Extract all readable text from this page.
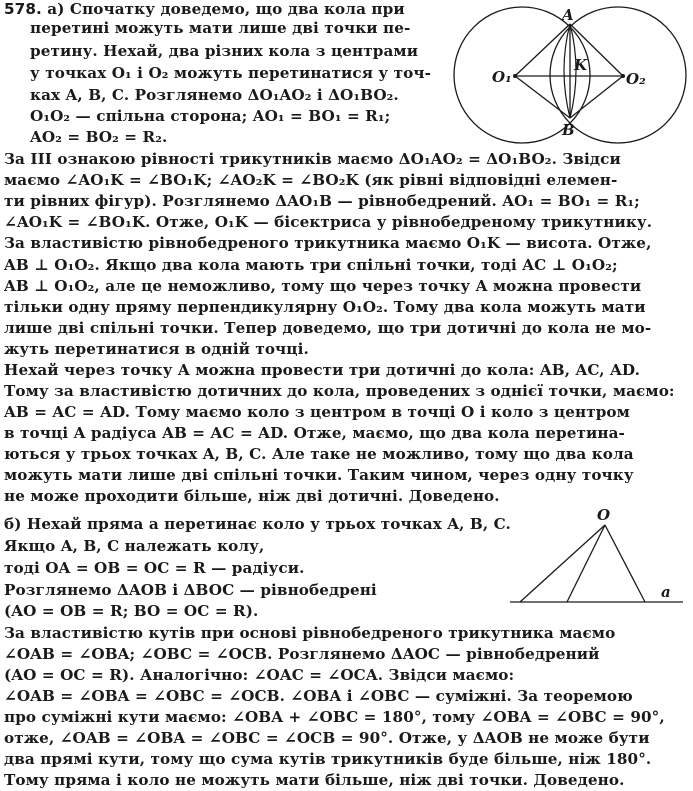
578. а) Спочатку доведемо, що два кола при
перетині можуть мати лише дві точки пе-
ретину. Нехай, два різних кола з центрами
у точках O₁ і O₂ можуть перетинатися у точ-
ках A, B, C. Розглянемо ΔO₁AO₂ і ΔO₁BO₂.
O₁O₂ — спільна сторона; AO₁ = BO₁ = R₁;
AO₂ = BO₂ = R₂.
За III ознакою рівності трикутників маємо ΔO₁AO₂ = ΔO₁BO₂. Звідси
маємо ∠AO₁K = ∠BO₁K; ∠AO₂K = ∠BO₂K (як рівні відповідні елемен-
ти рівних фігур). Розглянемо ΔAO₁B — рівнобедрений. AO₁ = BO₁ = R₁;
∠AO₁K = ∠BO₁K. Отже, O₁K — бісектриса у рівнобедреному трикутнику.
За властивістю рівнобедреного трикутника маємо O₁K — висота. Отже,
AB ⊥ O₁O₂. Якщо два кола мають три спільні точки, тоді AC ⊥ O₁O₂;
AB ⊥ O₁O₂, але це неможливо, тому що через точку A можна провести
тільки одну пряму перпендикулярну O₁O₂. Тому два кола можуть мати
лише дві спільні точки. Тепер доведемо, що три дотичні до кола не мо-
жуть перетинатися в одній точці.
Нехай через точку A можна провести три дотичні до кола: AB, AC, AD.
Тому за властивістю дотичних до кола, проведених з однієї точки, маємо:
AB = AC = AD. Тому маємо коло з центром в точці O і коло з центром
в точці A радіуса AB = AC = AD. Отже, маємо, що два кола перетина-
ються у трьох точках A, B, C. Але таке не можливо, тому що два кола
можуть мати лише дві спільні точки. Таким чином, через одну точку
не може проходити більше, ніж дві дотичні. Доведено.
б) Нехай пряма a перетинає коло у трьох точках A, B, C.
Якщо A, B, C належать колу,
тоді OA = OB = OC = R — радіуси.
Розглянемо ΔAOB і ΔBOC — рівнобедрені
(AO = OB = R; BO = OC = R).
За властивістю кутів при основі рівнобедреного трикутника маємо
∠OAB = ∠OBA; ∠OBC = ∠OCB. Розглянемо ΔAOC — рівнобедрений
(AO = OC = R). Аналогічно: ∠OAC = ∠OCA. Звідси маємо:
∠OAB = ∠OBA = ∠OBC = ∠OCB. ∠OBA і ∠OBC — суміжні. За теоремою
про суміжні кути маємо: ∠OBA + ∠OBC = 180°, тому ∠OBA = ∠OBC = 90°,
отже, ∠OAB = ∠OBA = ∠OBC = ∠OCB = 90°. Отже, у ΔAOB не може бути
два прямі кути, тому що сума кутів трикутників буде більше, ніж 180°.
Тому пряма і коло не можуть мати більше, ніж дві точки. Доведено.
A
B
K
O₁	O₂
O
a
